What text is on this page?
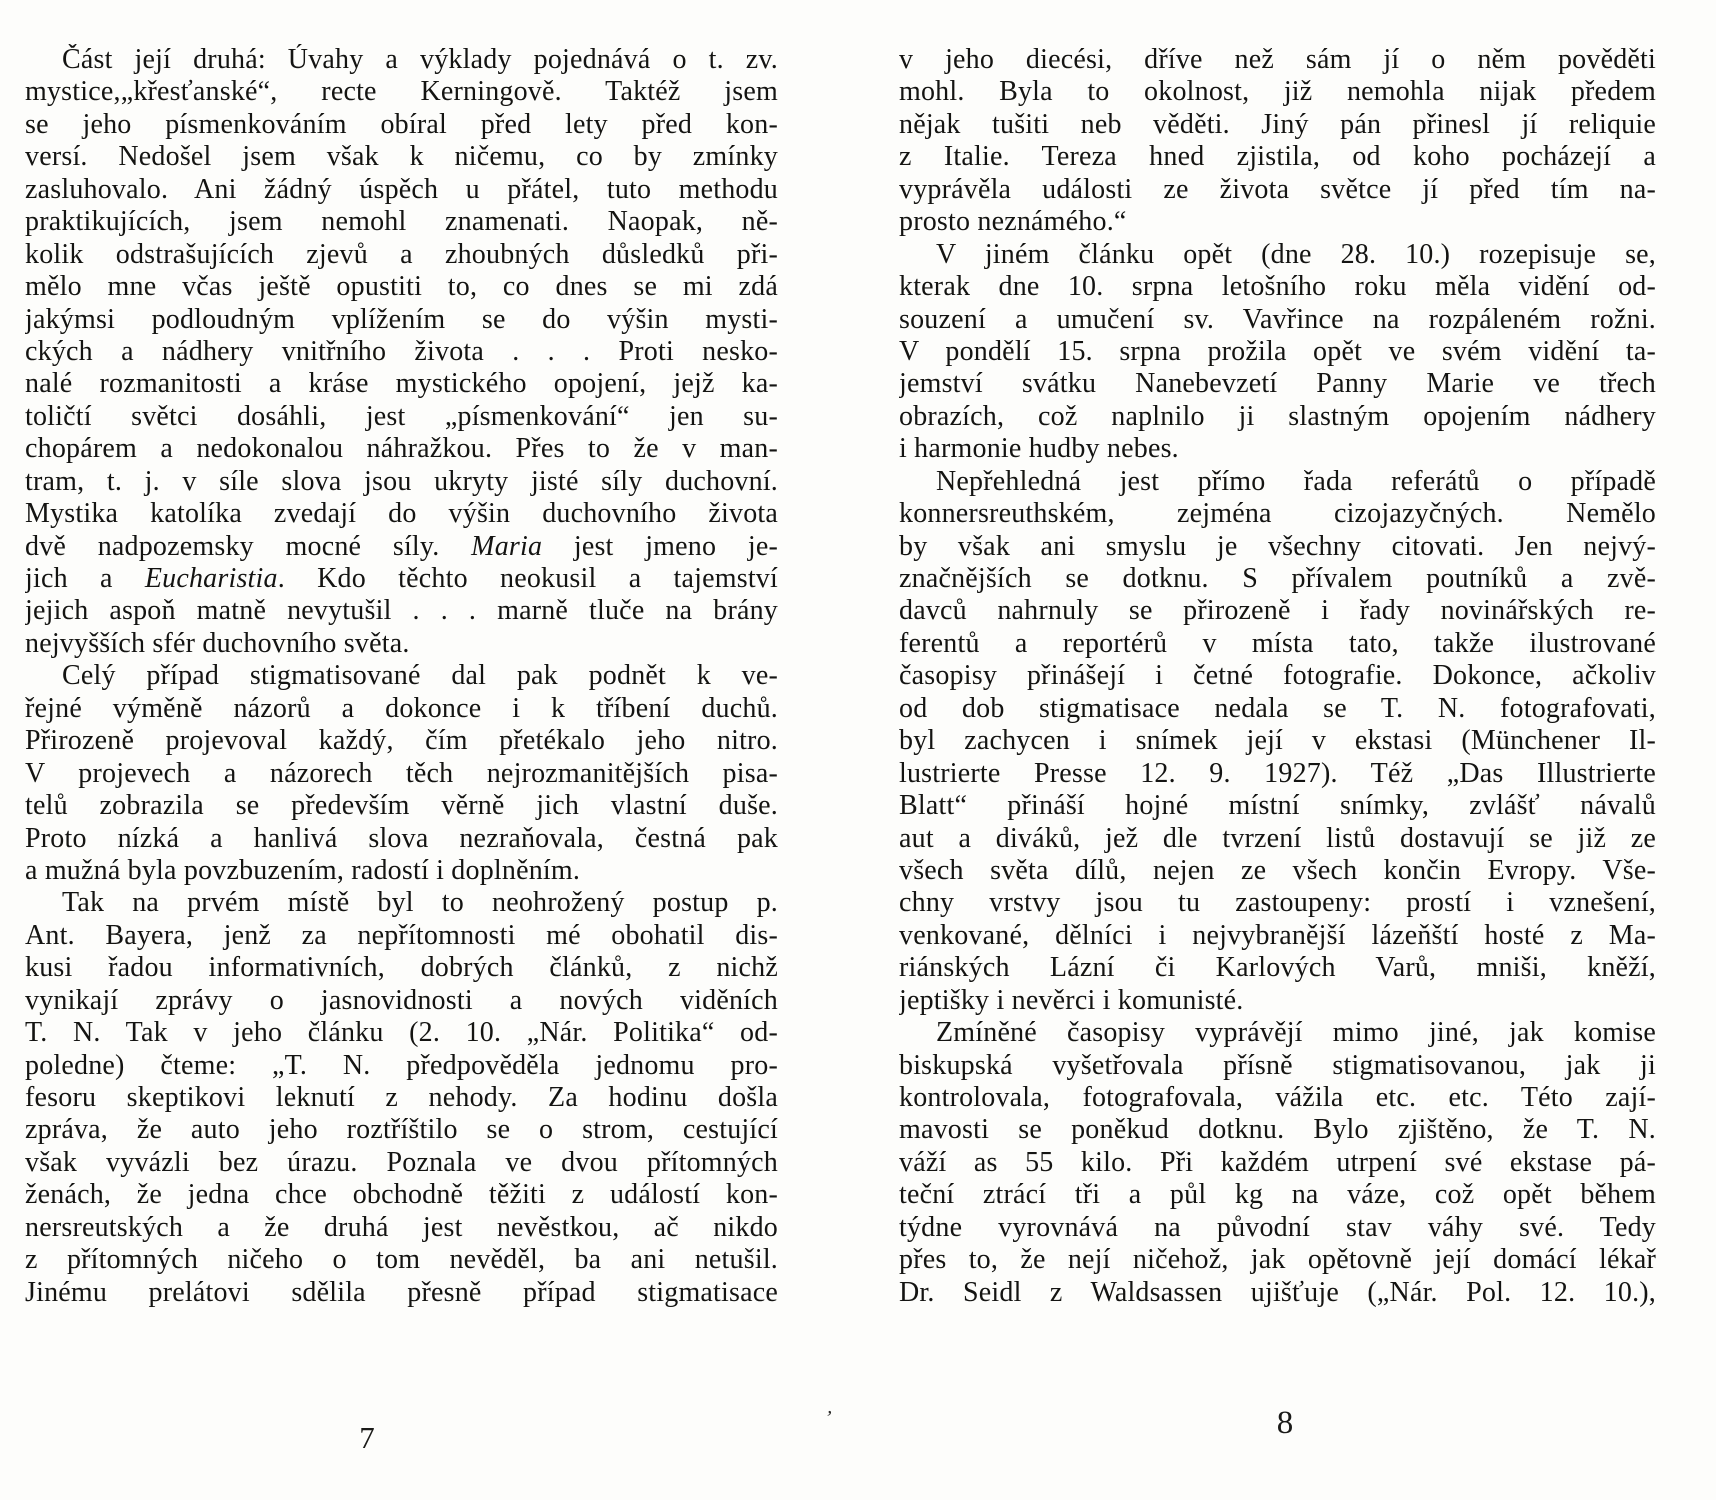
Část její druhá: Úvahy a výklady pojednává o t. zv.
mystice,„křesťanské“, recte Kerningově. Taktéž jsem
se jeho písmenkováním obíral před lety před kon-
versí. Nedošel jsem však k ničemu, co by zmínky
zasluhovalo. Ani žádný úspěch u přátel, tuto methodu
praktikujících, jsem nemohl znamenati. Naopak, ně-
kolik odstrašujících zjevů a zhoubných důsledků při-
mělo mne včas ještě opustiti to, co dnes se mi zdá
jakýmsi podloudným vplížením se do výšin mysti-
ckých a nádhery vnitřního života . . . Proti nesko-
nalé rozmanitosti a kráse mystického opojení, jejž ka-
toličtí světci dosáhli, jest „písmenkování“ jen su-
chopárem a nedokonalou náhražkou. Přes to že v man-
tram, t. j. v síle slova jsou ukryty jisté síly duchovní.
Mystika katolíka zvedají do výšin duchovního života
dvě nadpozemsky mocné síly. Maria jest jmeno je-
jich a Eucharistia. Kdo těchto neokusil a tajemství
jejich aspoň matně nevytušil . . . marně tluče na brány
nejvyšších sfér duchovního světa.
Celý případ stigmatisované dal pak podnět k ve-
řejné výměně názorů a dokonce i k tříbení duchů.
Přirozeně projevoval každý, čím přetékalo jeho nitro.
V projevech a názorech těch nejrozmanitějších pisa-
telů zobrazila se především věrně jich vlastní duše.
Proto nízká a hanlivá slova nezraňovala, čestná pak
a mužná byla povzbuzením, radostí i doplněním.
Tak na prvém místě byl to neohrožený postup p.
Ant. Bayera, jenž za nepřítomnosti mé obohatil dis-
kusi řadou informativních, dobrých článků, z nichž
vynikají zprávy o jasnovidnosti a nových viděních
T. N. Tak v jeho článku (2. 10. „Nár. Politika“ od-
poledne) čteme: „T. N. předpověděla jednomu pro-
fesoru skeptikovi leknutí z nehody. Za hodinu došla
zpráva, že auto jeho roztříštilo se o strom, cestující
však vyvázli bez úrazu. Poznala ve dvou přítomných
ženách, že jedna chce obchodně těžiti z událostí kon-
nersreutských a že druhá jest nevěstkou, ač nikdo
z přítomných ničeho o tom nevěděl, ba ani netušil.
Jinému prelátovi sdělila přesně případ stigmatisace
v jeho diecési, dříve než sám jí o něm pověděti
mohl. Byla to okolnost, již nemohla nijak předem
nějak tušiti neb věděti. Jiný pán přinesl jí reliquie
z Italie. Tereza hned zjistila, od koho pocházejí a
vyprávěla události ze života světce jí před tím na-
prosto neznámého.“
V jiném článku opět (dne 28. 10.) rozepisuje se,
kterak dne 10. srpna letošního roku měla vidění od-
souzení a umučení sv. Vavřince na rozpáleném rožni.
V pondělí 15. srpna prožila opět ve svém vidění ta-
jemství svátku Nanebevzetí Panny Marie ve třech
obrazích, což naplnilo ji slastným opojením nádhery
i harmonie hudby nebes.
Nepřehledná jest přímo řada referátů o případě
konnersreuthském, zejména cizojazyčných. Nemělo
by však ani smyslu je všechny citovati. Jen nejvý-
značnějších se dotknu. S přívalem poutníků a zvě-
davců nahrnuly se přirozeně i řady novinářských re-
ferentů a reportérů v místa tato, takže ilustrované
časopisy přinášejí i četné fotografie. Dokonce, ačkoliv
od dob stigmatisace nedala se T. N. fotografovati,
byl zachycen i snímek její v ekstasi (Münchener Il-
lustrierte Presse 12. 9. 1927). Též „Das Illustrierte
Blatt“ přináší hojné místní snímky, zvlášť návalů
aut a diváků, jež dle tvrzení listů dostavují se již ze
všech světa dílů, nejen ze všech končin Evropy. Vše-
chny vrstvy jsou tu zastoupeny: prostí i vznešení,
venkované, dělníci i nejvybranější lázeňští hosté z Ma-
riánských Lázní či Karlových Varů, mniši, kněží,
jeptišky i nevěrci i komunisté.
Zmíněné časopisy vyprávějí mimo jiné, jak komise
biskupská vyšetřovala přísně stigmatisovanou, jak ji
kontrolovala, fotografovala, vážila etc. etc. Této zají-
mavosti se poněkud dotknu. Bylo zjištěno, že T. N.
váží as 55 kilo. Při každém utrpení své ekstase pá-
teční ztrácí tři a půl kg na váze, což opět během
týdne vyrovnává na původní stav váhy své. Tedy
přes to, že nejí ničehož, jak opětovně její domácí lékař
Dr. Seidl z Waldsassen ujišťuje („Nár. Pol. 12. 10.),
7	8
,
